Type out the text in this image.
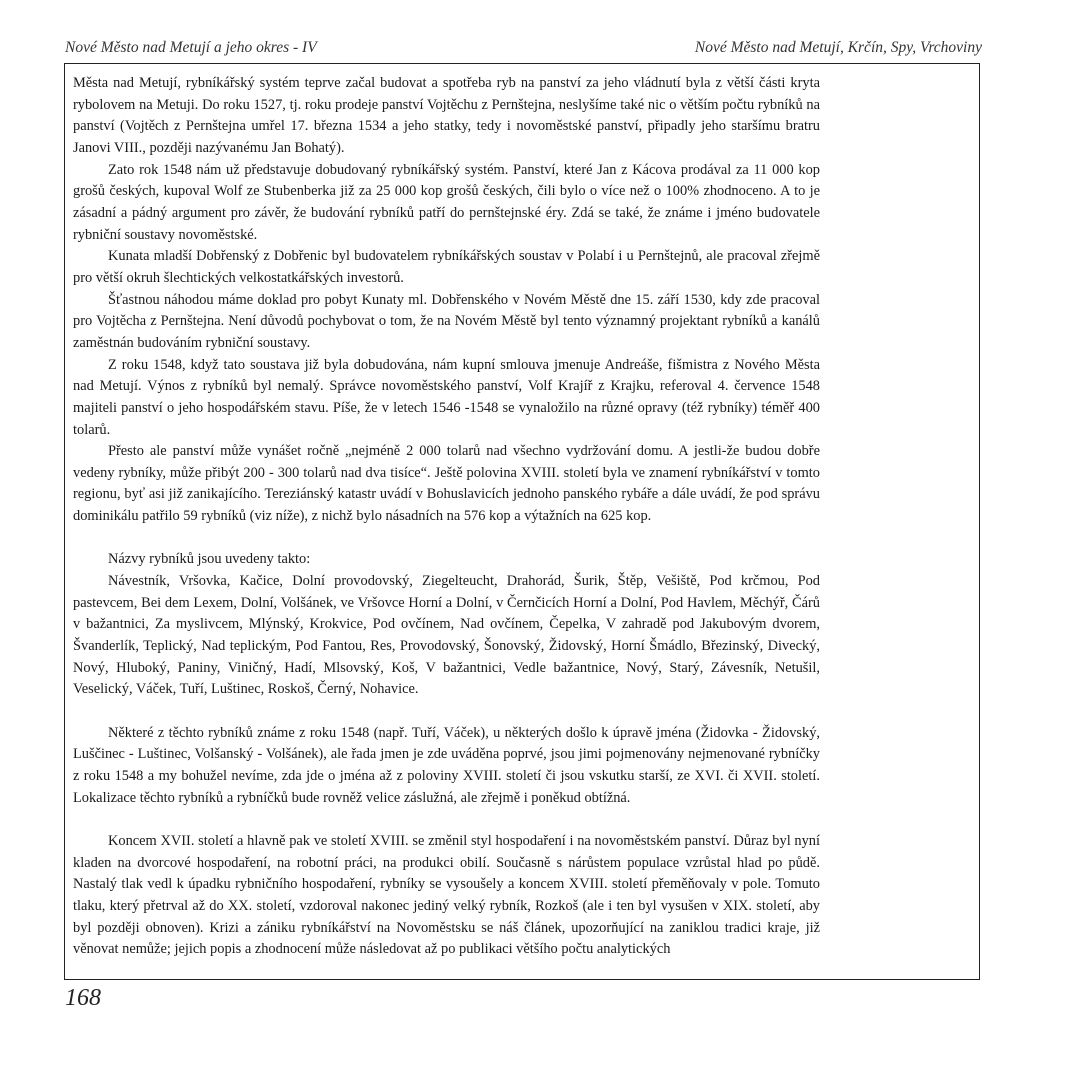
Nové Město nad Metují a jeho okres - IV	Nové Město nad Metují, Krčín, Spy, Vrchoviny

Města nad Metují, rybníkářský systém teprve začal budovat a spotřeba ryb na panství za jeho vládnutí byla z větší části kryta rybolovem na Metuji. Do roku 1527, tj. roku prodeje panství Vojtěchu z Pernštejna, neslyšíme také nic o větším počtu rybníků na panství (Vojtěch z Pernštejna umřel 17. března 1534 a jeho statky, tedy i novoměstské panství, připadly jeho staršímu bratru Janovi VIII., později nazývanému Jan Bohatý).

Zato rok 1548 nám už představuje dobudovaný rybníkářský systém. Panství, které Jan z Kácova prodával za 11 000 kop grošů českých, kupoval Wolf ze Stubenberka již za 25 000 kop grošů českých, čili bylo o více než o 100% zhodnoceno. A to je zásadní a pádný argument pro závěr, že budování rybníků patří do pernštejnské éry. Zdá se také, že známe i jméno budovatele rybniční soustavy novoměstské.

Kunata mladší Dobřenský z Dobřenic byl budovatelem rybníkářských soustav v Polabí i u Pernštejnů, ale pracoval zřejmě pro větší okruh šlechtických velkostatkářských investorů.

Šťastnou náhodou máme doklad pro pobyt Kunaty ml. Dobřenského v Novém Městě dne 15. září 1530, kdy zde pracoval pro Vojtěcha z Pernštejna. Není důvodů pochybovat o tom, že na Novém Městě byl tento významný projektant rybníků a kanálů zaměstnán budováním rybniční soustavy.

Z roku 1548, když tato soustava již byla dobudována, nám kupní smlouva jmenuje Andreáše, fišmistra z Nového Města nad Metují. Výnos z rybníků byl nemalý. Správce novoměstského panství, Volf Krajíř z Krajku, referoval 4. července 1548 majiteli panství o jeho hospodářském stavu. Píše, že v letech 1546 -1548 se vynaložilo na různé opravy (též rybníky) téměř 400 tolarů.

Přesto ale panství může vynášet ročně „nejméně 2 000 tolarů nad všechno vydržování domu. A jestli-že budou dobře vedeny rybníky, může přibýt 200 - 300 tolarů nad dva tisíce“. Ještě polovina XVIII. století byla ve znamení rybníkářství v tomto regionu, byť asi již zanikajícího. Tereziánský katastr uvádí v Bohuslavicích jednoho panského rybáře a dále uvádí, že pod správu dominikálu patřilo 59 rybníků (viz níže), z nichž bylo násadních na 576 kop a výtažních na 625 kop.

Názvy rybníků jsou uvedeny takto:

Návestník, Vršovka, Kačice, Dolní provodovský, Ziegelteucht, Drahorád, Šurik, Štěp, Vešiště, Pod krčmou, Pod pastevcem, Bei dem Lexem, Dolní, Volšánek, ve Vršovce Horní a Dolní, v Černčicích Horní a Dolní, Pod Havlem, Měchýř, Čárů v bažantnici, Za myslivcem, Mlýnský, Krokvice, Pod ovčínem, Nad ovčínem, Čepelka, V zahradě pod Jakubovým dvorem, Švanderlík, Teplický, Nad teplickým, Pod Fantou, Res, Provodovský, Šonovský, Židovský, Horní Šmádlo, Březinský, Divecký, Nový, Hluboký, Paniny, Viničný, Hadí, Mlsovský, Koš, V bažantnici, Vedle bažantnice, Nový, Starý, Závesník, Netušil, Veselický, Váček, Tuří, Luštinec, Roskoš, Černý, Nohavice.

Některé z těchto rybníků známe z roku 1548 (např. Tuří, Váček), u některých došlo k úpravě jména (Židovka - Židovský, Luščinec - Luštinec, Volšanský - Volšánek), ale řada jmen je zde uváděna poprvé, jsou jimi pojmenovány nejmenované rybníčky z roku 1548 a my bohužel nevíme, zda jde o jména až z poloviny XVIII. století či jsou vskutku starší, ze XVI. či XVII. století. Lokalizace těchto rybníků a rybníčků bude rovněž velice záslužná, ale zřejmě i poněkud obtížná.

Koncem XVII. století a hlavně pak ve století XVIII. se změnil styl hospodaření i na novoměstském panství. Důraz byl nyní kladen na dvorcové hospodaření, na robotní práci, na produkci obilí. Současně s nárůstem populace vzrůstal hlad po půdě. Nastalý tlak vedl k úpadku rybničního hospodaření, rybníky se vysoušely a koncem XVIII. století přeměňovaly v pole. Tomuto tlaku, který přetrval až do XX. století, vzdoroval nakonec jediný velký rybník, Rozkoš (ale i ten byl vysušen v XIX. století, aby byl později obnoven). Krizi a zániku rybníkářství na Novoměstsku se náš článek, upozorňující na zaniklou tradici kraje, již věnovat nemůže; jejich popis a zhodnocení může následovat až po publikaci většího počtu analytických

168
